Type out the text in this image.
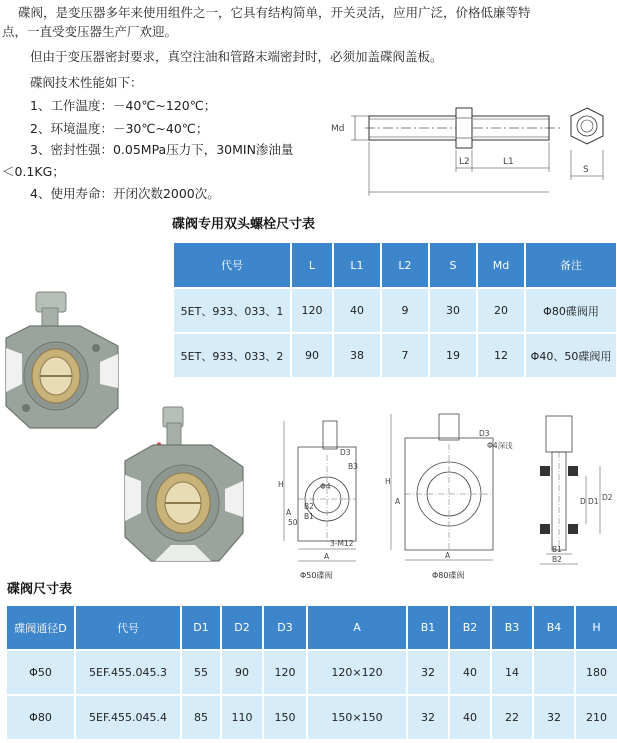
碟阀，是变压器多年来使用组件之一，它具有结构简单，开关灵活，应用广泛，价格低廉等特
点，一直受变压器生产厂欢迎。
但由于变压器密封要求，真空注油和管路末端密封时，必须加盖碟阀盖板。
碟阀技术性能如下：
1、工作温度：－40℃~120℃；
2、环境温度：－30℃~40℃；
3、密封性强：0.05MPa压力下，30MIN渗油量
＜0.1KG；
4、使用寿命：开闭次数2000次。
Md
L2	L1
S
碟阀专用双头螺栓尺寸表
代号	L	L1	L2	S	Md	备注
5ET、933、033、1	120	40	9	30	20	Φ80碟阀用
5ET、933、033、2	90	38	7	19	12	Φ40、50碟阀用
H
A
50
Φ4
D3
B3
B2
B1
3-M12
A
Φ50碟阀
D3
Φ4深浅
H
A
A
Φ80碟阀
D2
D D1
B1
B2
碟阀尺寸表
碟阀通径D	代号	D1	D2	D3	A	B1	B2	B3	B4	H
Φ50	5EF.455.045.3	55	90	120	120×120	32	40	14		180
Φ80	5EF.455.045.4	85	110	150	150×150	32	40	22	32	210
